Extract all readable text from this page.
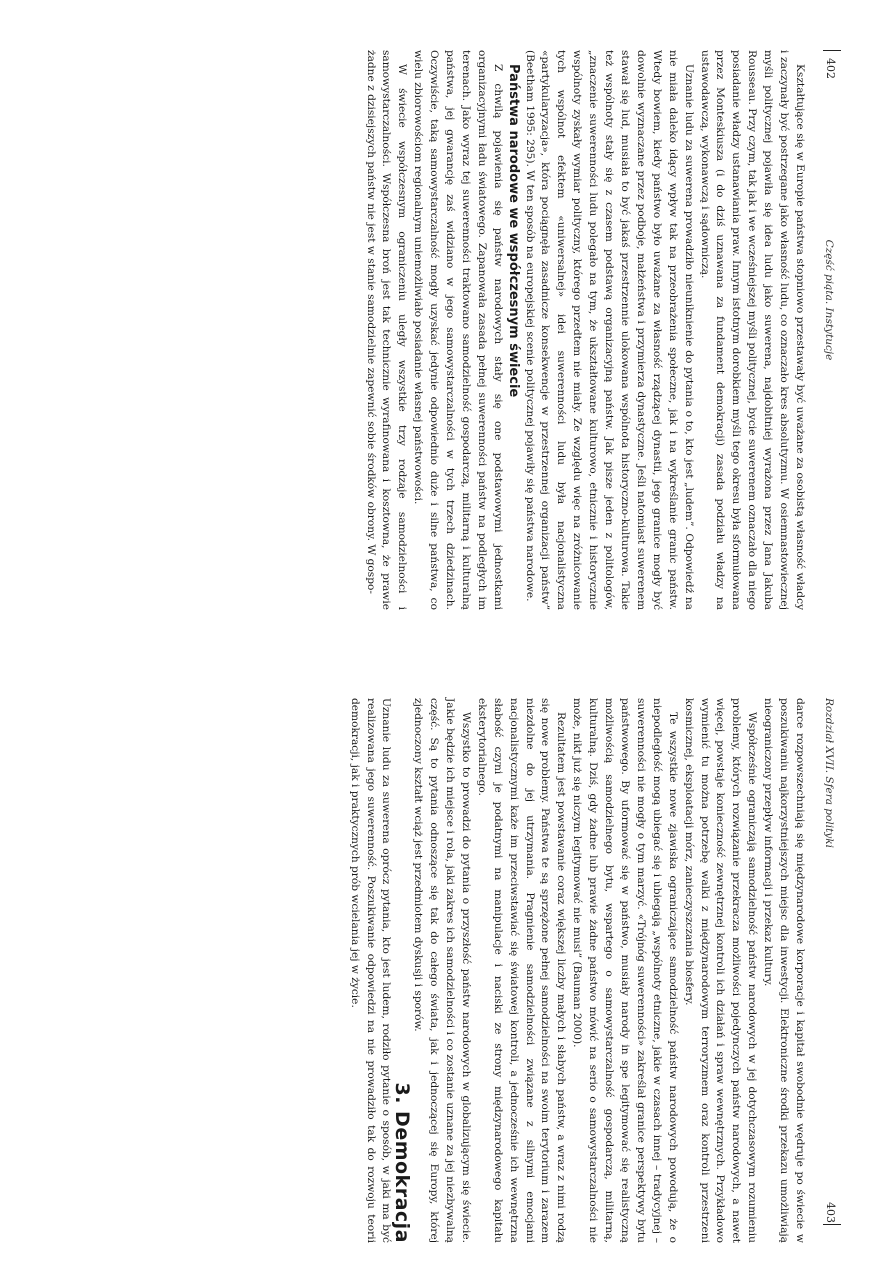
402
Część piąta. Instytucje

Kształtujące się w Europie państwa stopniowo przestawały być uważane za osobistą własność władcy i zaczynały być postrzegane jako własność ludu, co oznaczało kres absolutyzmu. W osiemnastowiecznej myśli politycznej pojawiła się idea ludu jako suwerena, najdobitniej wyrażona przez Jana Jakuba Rousseau. Przy czym, tak jak i we wcześniejszej myśli politycznej, bycie suwerenem oznaczało dla niego posiadanie władzy ustanawiania praw. Innym istotnym dorobkiem myśli tego okresu była sformułowana przez Monteskiusza (i do dziś uznawana za fundament demokracji) zasada podziału władzy na ustawodawczą, wykonawczą i sądowniczą.

Uznanie ludu za suwerena prowadziło nieuniknienie do pytania o to, kto jest „ludem”. Odpowiedź na nie miała daleko idący wpływ tak na przeobrażenia społeczne, jak i na wykreślanie granic państw. Wtedy bowiem, kiedy państwo było uważane za własność rządzącej dynastii, jego granice mogły być dowolnie wyznaczane przez podboje, małżeństwa i przymierza dynastyczne. Jeśli natomiast suwerenem stawał się lud, musiała to być jakaś przestrzennie ulokowana wspólnota historyczno-kulturowa. Takie też wspólnoty stały się z czasem podstawą organizacyjną państw. Jak pisze jeden z politologów, „znaczenie suwerenności ludu polegało na tym, że ukształtowane kulturowo, etnicznie i historycznie wspólnoty zyskały wymiar polityczny, którego przedtem nie miały. Ze względu więc na zróżnicowanie tych wspólnot efektem «uniwersalnej» idei suwerenności ludu była nacjonalistyczna «partykularyzacja», która pociągnęła zasadnicze konsekwencje w przestrzennej organizacji państw” (Beetham 1995: 295). W ten sposób na europejskiej scenie politycznej pojawiły się państwa narodowe.

Państwa narodowe we współczesnym świecie

Z chwilą pojawienia się państw narodowych stały się one podstawowymi jednostkami organizacyjnymi ładu światowego. Zapanowała zasada pełnej suwerenności państw na podległych im terenach. Jako wyraz tej suwerenności traktowano samodzielność gospodarczą, militarną i kulturalną państwa, jej gwarancję zaś widziano w jego samowystarczalności w tych trzech dziedzinach. Oczywiście, taką samowystarczalność mogły uzyskać jedynie odpowiednio duże i silne państwa, co wielu zbiorowościom regionalnym uniemożliwiało posiadanie własnej państwowości.

W świecie współczesnym ograniczeniu uległy wszystkie trzy rodzaje samodzielności i samowystarczalności. Współczesna broń jest tak technicznie wyrafinowana i kosztowna, że prawie żadne z dzisiejszych państw nie jest w stanie samodzielnie zapewnić sobie środków obrony. W gospo-

Rozdział XVII. Sfera polityki
403

darce rozpowszechniają się międzynarodowe korporacje i kapitał swobodnie wędruje po świecie w poszukiwaniu najkorzystniejszych miejsc dla inwestycji. Elektroniczne środki przekazu umożliwiają nieograniczony przepływ informacji i przekaz kultury.

Współcześnie ograniczają samodzielność państw narodowych w jej dotychczasowym rozumieniu problemy, których rozwiązanie przekracza możliwości pojedynczych państw narodowych, a nawet więcej, powstaje konieczność zewnętrznej kontroli ich działań i spraw wewnętrznych. Przykładowo wymienić tu można potrzebę walki z międzynarodowym terroryzmem oraz kontroli przestrzeni kosmicznej, eksploatacji mórz, zanieczyszczania biosfery.

Te wszystkie nowe zjawiska ograniczające samodzielność państw narodowych powodują, że o niepodległość mogą ubiegać się i ubiegają „wspólnoty etniczne, jakie w czasach innej – tradycyjnej – suwerenności nie mogły o tym marzyć. «Trójnóg suwerenności» zakreślał granice perspektywy bytu państwowego. By uformować się w państwo, musiały narody in spe legitymować się realistyczną możliwością samodzielnego bytu, wspartego o samowystarczalność gospodarczą, militarną, kulturalną. Dziś, gdy żadne lub prawie żadne państwo mówić na serio o samowystarczalności nie może, nikt już się niczym legitymować nie musi” (Bauman 2000).

Rezultatem jest powstawanie coraz większej liczby małych i słabych państw, a wraz z nimi rodzą się nowe problemy. Państwa te są sprzężone pełnej samodzielności na swoim terytorium i zarazem niezdolne do jej utrzymania. Pragnienie samodzielności związane z silnymi emocjami nacjonalistycznymi każe im przeciwstawiać się światowej kontroli, a jednocześnie ich wewnętrzna słabość czyni je podatnymi na manipulacje i naciski ze strony międzynarodowego kapitału eksterytorialnego.

Wszystko to prowadzi do pytania o przyszłość państw narodowych w globalizującym się świecie. Jakie będzie ich miejsce i rola, jaki zakres ich samodzielności i co zostanie uznane za jej niezbywalną część. Są to pytania odnoszące się tak do całego świata, jak i jednoczącej się Europy, której zjednoczony kształt wciąż jest przedmiotem dyskusji i sporów.

3. Demokracja

Uznanie ludu za suwerena oprócz pytania, kto jest ludem, rodziło pytanie o sposób, w jaki ma być realizowana jego suwerenność. Poszukiwanie odpowiedzi na nie prowadziło tak do rozwoju teorii demokracji, jak i praktycznych prób wcielania jej w życie.
